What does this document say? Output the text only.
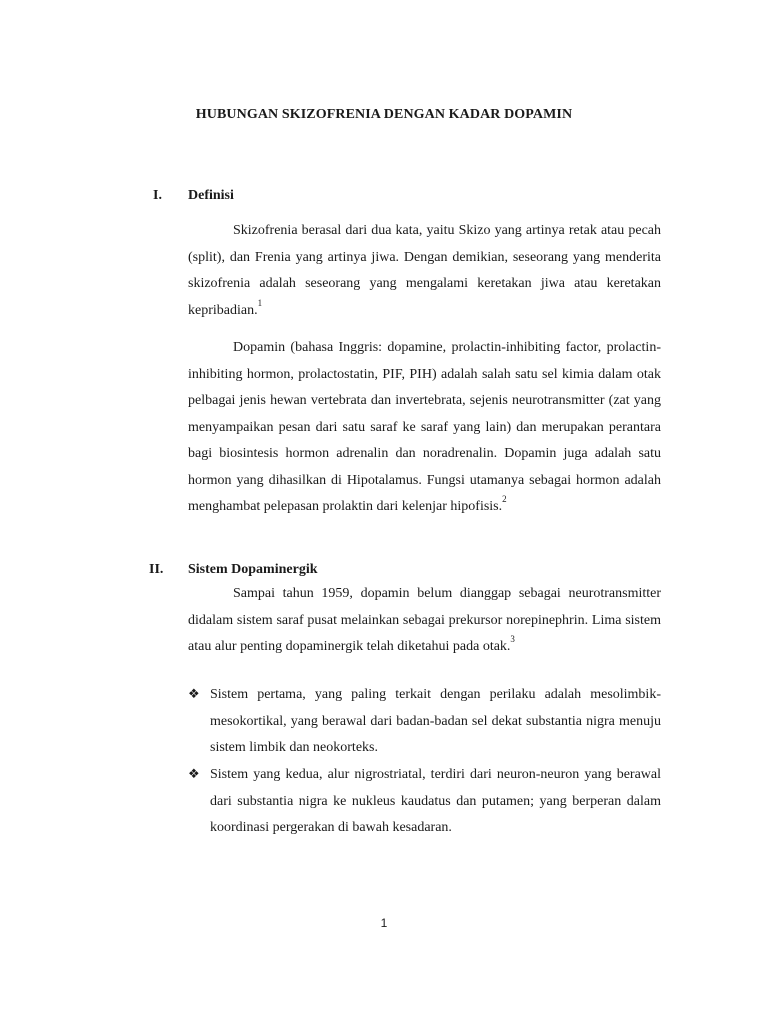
HUBUNGAN SKIZOFRENIA DENGAN KADAR DOPAMIN
I. Definisi

Skizofrenia berasal dari dua kata, yaitu Skizo yang artinya retak atau pecah (split), dan Frenia yang artinya jiwa. Dengan demikian, seseorang yang menderita skizofrenia adalah seseorang yang mengalami keretakan jiwa atau keretakan kepribadian.$^1$

Dopamin (bahasa Inggris: dopamine, prolactin-inhibiting factor, prolactin-inhibiting hormon, prolactostatin, PIF, PIH) adalah salah satu sel kimia dalam otak pelbagai jenis hewan vertebrata dan invertebrata, sejenis neurotransmitter (zat yang menyampaikan pesan dari satu saraf ke saraf yang lain) dan merupakan perantara bagi biosintesis hormon adrenalin dan noradrenalin. Dopamin juga adalah satu hormon yang dihasilkan di Hipotalamus. Fungsi utamanya sebagai hormon adalah menghambat pelepasan prolaktin dari kelenjar hipofisis.$^2$

II. Sistem Dopaminergik

Sampai tahun 1959, dopamin belum dianggap sebagai neurotransmitter didalam sistem saraf pusat melainkan sebagai prekursor norepinephrin. Lima sistem atau alur penting dopaminergik telah diketahui pada otak.$^3$

❖ Sistem pertama, yang paling terkait dengan perilaku adalah mesolimbik-mesokortikal, yang berawal dari badan-badan sel dekat substantia nigra menuju sistem limbik dan neokorteks.

❖ Sistem yang kedua, alur nigrostriatal, terdiri dari neuron-neuron yang berawal dari substantia nigra ke nukleus kaudatus dan putamen; yang berperan dalam koordinasi pergerakan di bawah kesadaran.

1
